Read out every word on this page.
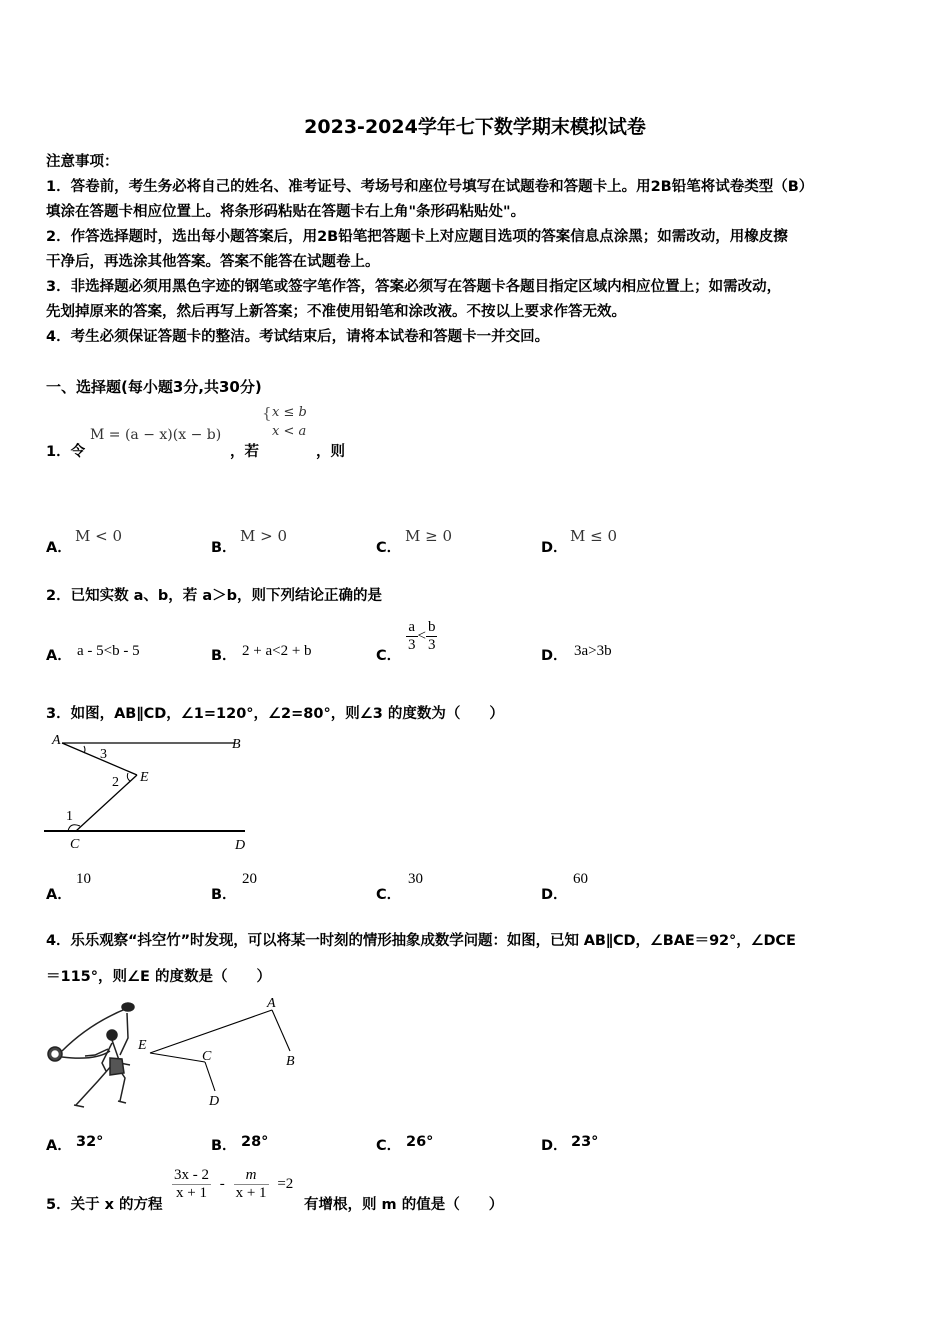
2023-2024学年七下数学期末模拟试卷
注意事项：
1．答卷前，考生务必将自己的姓名、准考证号、考场号和座位号填写在试题卷和答题卡上。用2B铅笔将试卷类型（B）
填涂在答题卡相应位置上。将条形码粘贴在答题卡右上角"条形码粘贴处"。
2．作答选择题时，选出每小题答案后，用2B铅笔把答题卡上对应题目选项的答案信息点涂黑；如需改动，用橡皮擦
干净后，再选涂其他答案。答案不能答在试题卷上。
3．非选择题必须用黑色字迹的钢笔或签字笔作答，答案必须写在答题卡各题目指定区域内相应位置上；如需改动，
先划掉原来的答案，然后再写上新答案；不准使用铅笔和涂改液。不按以上要求作答无效。
4．考生必须保证答题卡的整洁。考试结束后，请将本试卷和答题卡一并交回。
一、选择题(每小题3分,共30分)
1．令
M = (a − x)(x − b)
，若
{ x ≤ b
x < a
，则
A．
M < 0
B．
M > 0
C．
M ≥ 0
D．
M ≤ 0
2．已知实数 a、b，若 a＞b，则下列结论正确的是
A． a - 5<b - 5	B． 2 + a<2 + b	C．
$\frac{a}{3} < \frac{b}{3}$
D． 3a>3b
3．如图，AB∥CD，∠1=120°，∠2=80°，则∠3 的度数为（　　）
A	B
C	D
E
1
2
3
A．
10
B．
20
C．
30
D．
60
4．乐乐观察“抖空竹”时发现，可以将某一时刻的情形抽象成数学问题：如图，已知 AB∥CD，∠BAE＝92°，∠DCE
＝115°，则∠E 的度数是（　　）
A
B
C
D
E
A． 32°	B． 28°	C． 26°	D． 23°
5．关于 x 的方程
$\frac{3x - 2}{x + 1} - \frac{m}{x + 1} =2$
有增根，则 m 的值是（　　）
